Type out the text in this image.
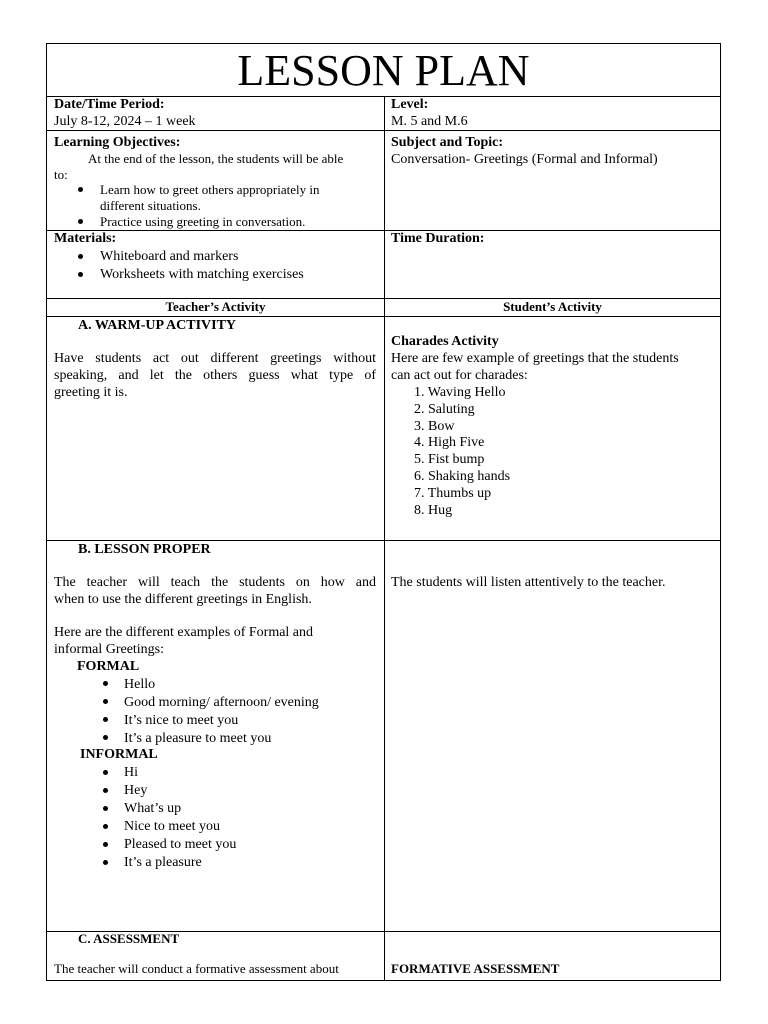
LESSON PLAN
Date/Time Period:
July 8-12, 2024 – 1 week
Level:
M. 5 and M.6
Learning Objectives:
At the end of the lesson, the students will be able
to:
Learn how to greet others appropriately in
different situations.
Practice using greeting in conversation.
Subject and Topic:
Conversation- Greetings (Formal and Informal)
Materials:
Whiteboard and markers
Worksheets with matching exercises
Time Duration:
Teacher’s Activity	Student’s Activity
A. WARM-UP ACTIVITY
Have students act out different greetings without
speaking, and let the others guess what type of
greeting it is.
Charades Activity
Here are few example of greetings that the students
can act out for charades:
1. Waving Hello
2. Saluting
3. Bow
4. High Five
5. Fist bump
6. Shaking hands
7. Thumbs up
8. Hug
B. LESSON PROPER
The teacher will teach the students on how and
when to use the different greetings in English.
Here are the different examples of Formal and
informal Greetings:
FORMAL
Hello
Good morning/ afternoon/ evening
It’s nice to meet you
It’s a pleasure to meet you
INFORMAL
Hi
Hey
What’s up
Nice to meet you
Pleased to meet you
It’s a pleasure
The students will listen attentively to the teacher.
C. ASSESSMENT
The teacher will conduct a formative assessment about	FORMATIVE ASSESSMENT
